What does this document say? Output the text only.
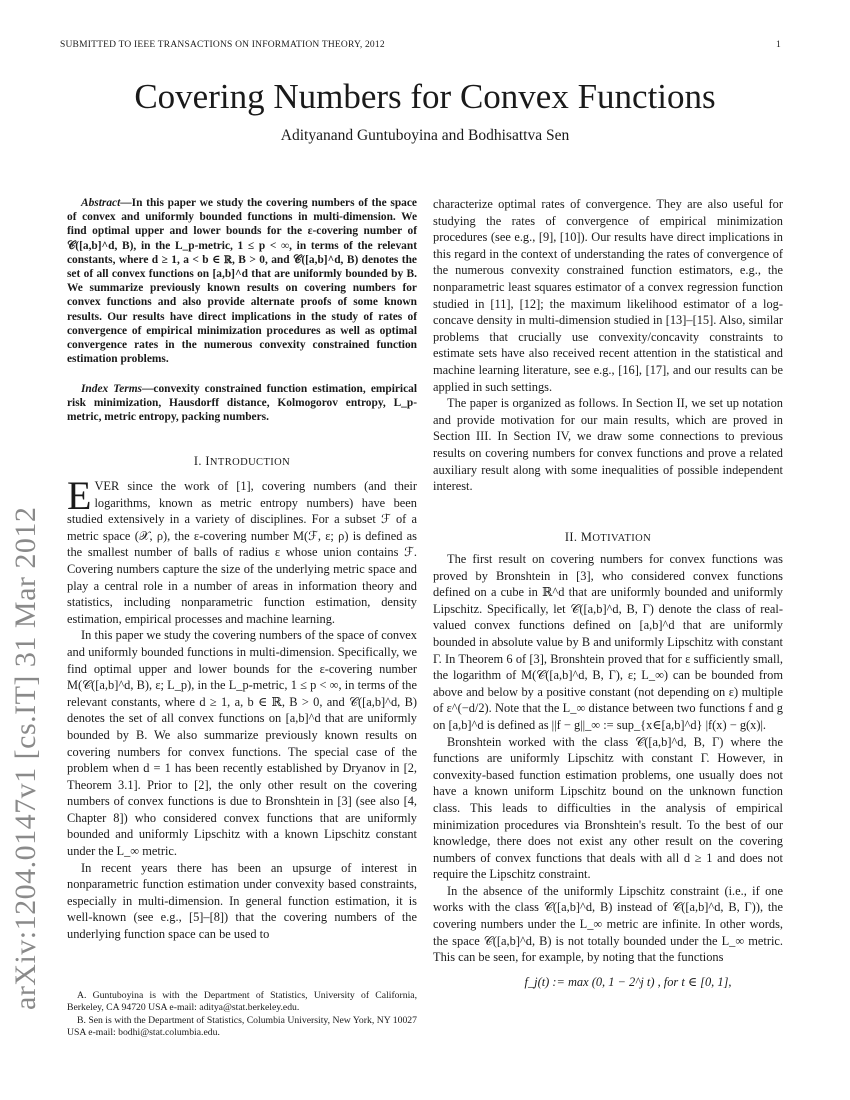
SUBMITTED TO IEEE TRANSACTIONS ON INFORMATION THEORY, 2012	1
arXiv:1204.0147v1 [cs.IT] 31 Mar 2012
Covering Numbers for Convex Functions
Adityanand Guntuboyina and Bodhisattva Sen
Abstract—In this paper we study the covering numbers of the space of convex and uniformly bounded functions in multi-dimension. We find optimal upper and lower bounds for the ε-covering number of 𝒞([a,b]^d, B), in the L_p-metric, 1 ≤ p < ∞, in terms of the relevant constants, where d ≥ 1, a < b ∈ ℝ, B > 0, and 𝒞([a,b]^d, B) denotes the set of all convex functions on [a,b]^d that are uniformly bounded by B. We summarize previously known results on covering numbers for convex functions and also provide alternate proofs of some known results. Our results have direct implications in the study of rates of convergence of empirical minimization procedures as well as optimal convergence rates in the numerous convexity constrained function estimation problems.
Index Terms—convexity constrained function estimation, empirical risk minimization, Hausdorff distance, Kolmogorov entropy, L_p-metric, metric entropy, packing numbers.
I. INTRODUCTION

EVER since the work of [1], covering numbers (and their logarithms, known as metric entropy numbers) have been studied extensively in a variety of disciplines. For a subset ℱ of a metric space (𝒳, ρ), the ε-covering number M(ℱ, ε; ρ) is defined as the smallest number of balls of radius ε whose union contains ℱ. Covering numbers capture the size of the underlying metric space and play a central role in a number of areas in information theory and statistics, including nonparametric function estimation, density estimation, empirical processes and machine learning.

In this paper we study the covering numbers of the space of convex and uniformly bounded functions in multi-dimension. Specifically, we find optimal upper and lower bounds for the ε-covering number M(𝒞([a,b]^d, B), ε; L_p), in the L_p-metric, 1 ≤ p < ∞, in terms of the relevant constants, where d ≥ 1, a, b ∈ ℝ, B > 0, and 𝒞([a,b]^d, B) denotes the set of all convex functions on [a,b]^d that are uniformly bounded by B. We also summarize previously known results on covering numbers for convex functions. The special case of the problem when d = 1 has been recently established by Dryanov in [2, Theorem 3.1]. Prior to [2], the only other result on the covering numbers of convex functions is due to Bronshtein in [3] (see also [4, Chapter 8]) who considered convex functions that are uniformly bounded and uniformly Lipschitz with a known Lipschitz constant under the L_∞ metric.

In recent years there has been an upsurge of interest in nonparametric function estimation under convexity based constraints, especially in multi-dimension. In general function estimation, it is well-known (see e.g., [5]–[8]) that the covering numbers of the underlying function space can be used to

A. Guntuboyina is with the Department of Statistics, University of California, Berkeley, CA 94720 USA e-mail: aditya@stat.berkeley.edu.

B. Sen is with the Department of Statistics, Columbia University, New York, NY 10027 USA e-mail: bodhi@stat.columbia.edu.

characterize optimal rates of convergence. They are also useful for studying the rates of convergence of empirical minimization procedures (see e.g., [9], [10]). Our results have direct implications in this regard in the context of understanding the rates of convergence of the numerous convexity constrained function estimators, e.g., the nonparametric least squares estimator of a convex regression function studied in [11], [12]; the maximum likelihood estimator of a log-concave density in multi-dimension studied in [13]–[15]. Also, similar problems that crucially use convexity/concavity constraints to estimate sets have also received recent attention in the statistical and machine learning literature, see e.g., [16], [17], and our results can be applied in such settings.

The paper is organized as follows. In Section II, we set up notation and provide motivation for our main results, which are proved in Section III. In Section IV, we draw some connections to previous results on covering numbers for convex functions and prove a related auxiliary result along with some inequalities of possible independent interest.

II. MOTIVATION

The first result on covering numbers for convex functions was proved by Bronshtein in [3], who considered convex functions defined on a cube in ℝ^d that are uniformly bounded and uniformly Lipschitz. Specifically, let 𝒞([a,b]^d, B, Γ) denote the class of real-valued convex functions defined on [a,b]^d that are uniformly bounded in absolute value by B and uniformly Lipschitz with constant Γ. In Theorem 6 of [3], Bronshtein proved that for ε sufficiently small, the logarithm of M(𝒞([a,b]^d, B, Γ), ε; L_∞) can be bounded from above and below by a positive constant (not depending on ε) multiple of ε^(−d/2). Note that the L_∞ distance between two functions f and g on [a,b]^d is defined as ||f − g||_∞ := sup_{x∈[a,b]^d} |f(x) − g(x)|.

Bronshtein worked with the class 𝒞([a,b]^d, B, Γ) where the functions are uniformly Lipschitz with constant Γ. However, in convexity-based function estimation problems, one usually does not have a known uniform Lipschitz bound on the unknown function class. This leads to difficulties in the analysis of empirical minimization procedures via Bronshtein's result. To the best of our knowledge, there does not exist any other result on the covering numbers of convex functions that deals with all d ≥ 1 and does not require the Lipschitz constraint.

In the absence of the uniformly Lipschitz constraint (i.e., if one works with the class 𝒞([a,b]^d, B) instead of 𝒞([a,b]^d, B, Γ)), the covering numbers under the L_∞ metric are infinite. In other words, the space 𝒞([a,b]^d, B) is not totally bounded under the L_∞ metric. This can be seen, for example, by noting that the functions

f_j(t) := max (0, 1 − 2^j t) , for t ∈ [0, 1],
